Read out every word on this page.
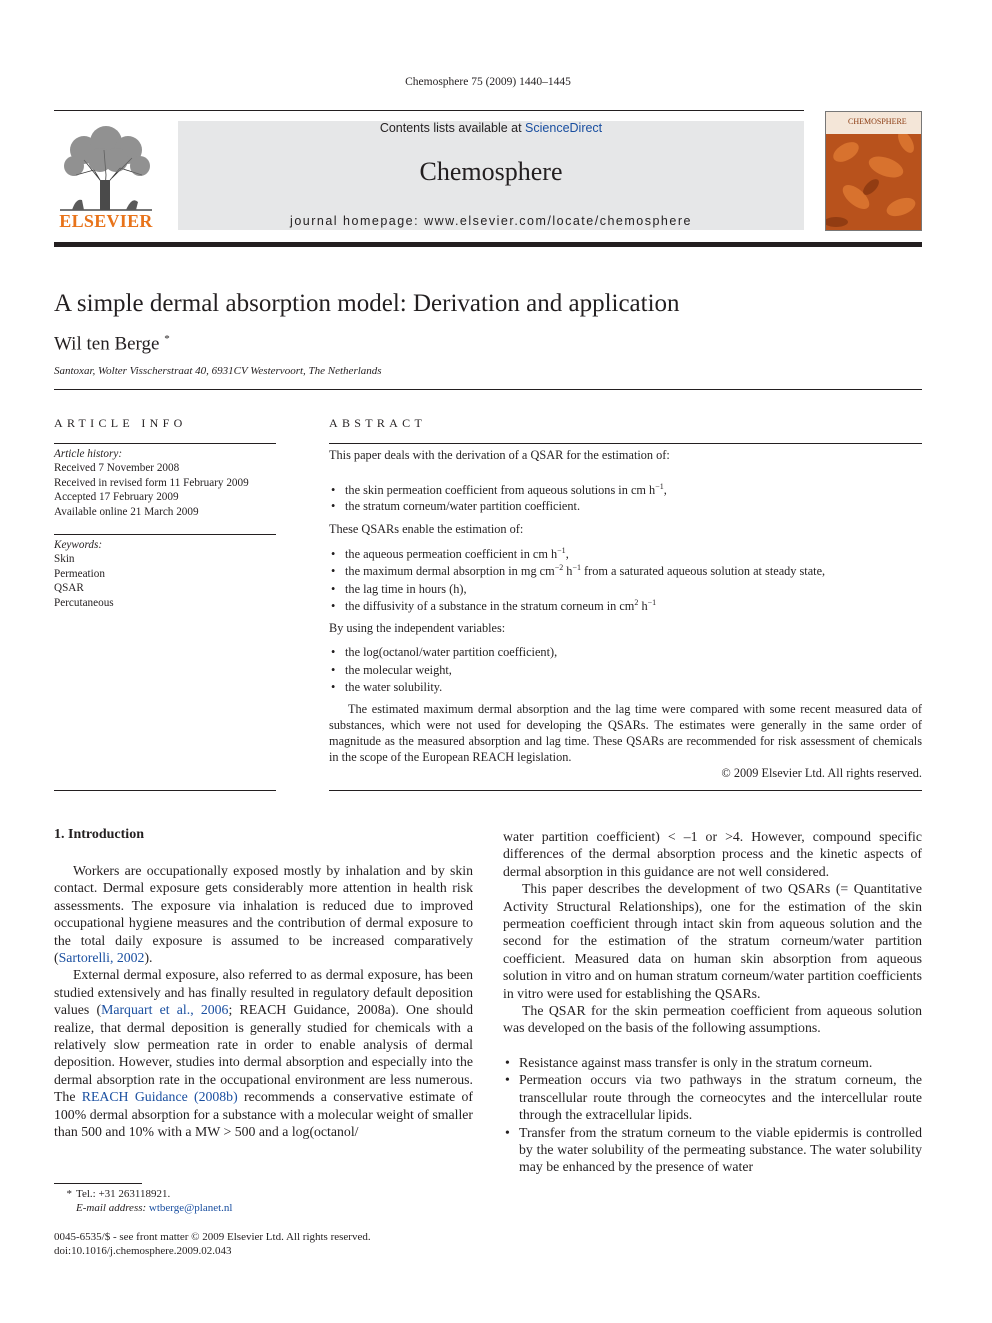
Chemosphere 75 (2009) 1440–1445
ELSEVIER
Contents lists available at ScienceDirect
Chemosphere
journal homepage: www.elsevier.com/locate/chemosphere
CHEMOSPHERE
A simple dermal absorption model: Derivation and application
Wil ten Berge *
Santoxar, Wolter Visscherstraat 40, 6931CV Westervoort, The Netherlands
ARTICLE INFO
Article history:
Received 7 November 2008
Received in revised form 11 February 2009
Accepted 17 February 2009
Available online 21 March 2009
Keywords:
Skin
Permeation
QSAR
Percutaneous
ABSTRACT
This paper deals with the derivation of a QSAR for the estimation of:
• the skin permeation coefficient from aqueous solutions in cm $h^{-1}$,
• the stratum corneum/water partition coefficient.
These QSARs enable the estimation of:
• the aqueous permeation coefficient in cm $h^{-1}$,
• the maximum dermal absorption in mg $cm^{-2}$ $h^{-1}$ from a saturated aqueous solution at steady state,
• the lag time in hours (h),
• the diffusivity of a substance in the stratum corneum in $cm^2$ $h^{-1}$
By using the independent variables:
• the log(octanol/water partition coefficient),
• the molecular weight,
• the water solubility.
The estimated maximum dermal absorption and the lag time were compared with some recent measured data of substances, which were not used for developing the QSARs. The estimates were generally in the same order of magnitude as the measured absorption and lag time. These QSARs are recommended for risk assessment of chemicals in the scope of the European REACH legislation.
© 2009 Elsevier Ltd. All rights reserved.
1. Introduction

Workers are occupationally exposed mostly by inhalation and by skin contact. Dermal exposure gets considerably more attention in health risk assessments. The exposure via inhalation is reduced due to improved occupational hygiene measures and the contribution of dermal exposure to the total daily exposure is assumed to be increased comparatively (Sartorelli, 2002).

External dermal exposure, also referred to as dermal exposure, has been studied extensively and has finally resulted in regulatory default deposition values (Marquart et al., 2006; REACH Guidance, 2008a). One should realize, that dermal deposition is generally studied for chemicals with a relatively slow permeation rate in order to enable analysis of dermal deposition. However, studies into dermal absorption and especially into the dermal absorption rate in the occupational environment are less numerous. The REACH Guidance (2008b) recommends a conservative estimate of 100% dermal absorption for a substance with a molecular weight of smaller than 500 and 10% with a MW > 500 and a log(octanol/

water partition coefficient) < –1 or >4. However, compound specific differences of the dermal absorption process and the kinetic aspects of dermal absorption in this guidance are not well considered.

This paper describes the development of two QSARs (= Quantitative Activity Structural Relationships), one for the estimation of the skin permeation coefficient through intact skin from aqueous solution and the second for the estimation of the stratum corneum/water partition coefficient. Measured data on human skin absorption from aqueous solution in vitro and on human stratum corneum/water partition coefficients in vitro were used for establishing the QSARs.

The QSAR for the skin permeation coefficient from aqueous solution was developed on the basis of the following assumptions.

• Resistance against mass transfer is only in the stratum corneum.
• Permeation occurs via two pathways in the stratum corneum, the transcellular route through the corneocytes and the intercellular route through the extracellular lipids.
• Transfer from the stratum corneum to the viable epidermis is controlled by the water solubility of the permeating substance. The water solubility may be enhanced by the presence of water
* Tel.: +31 263118921.
E-mail address: wtberge@planet.nl
0045-6535/$ - see front matter © 2009 Elsevier Ltd. All rights reserved.
doi:10.1016/j.chemosphere.2009.02.043
